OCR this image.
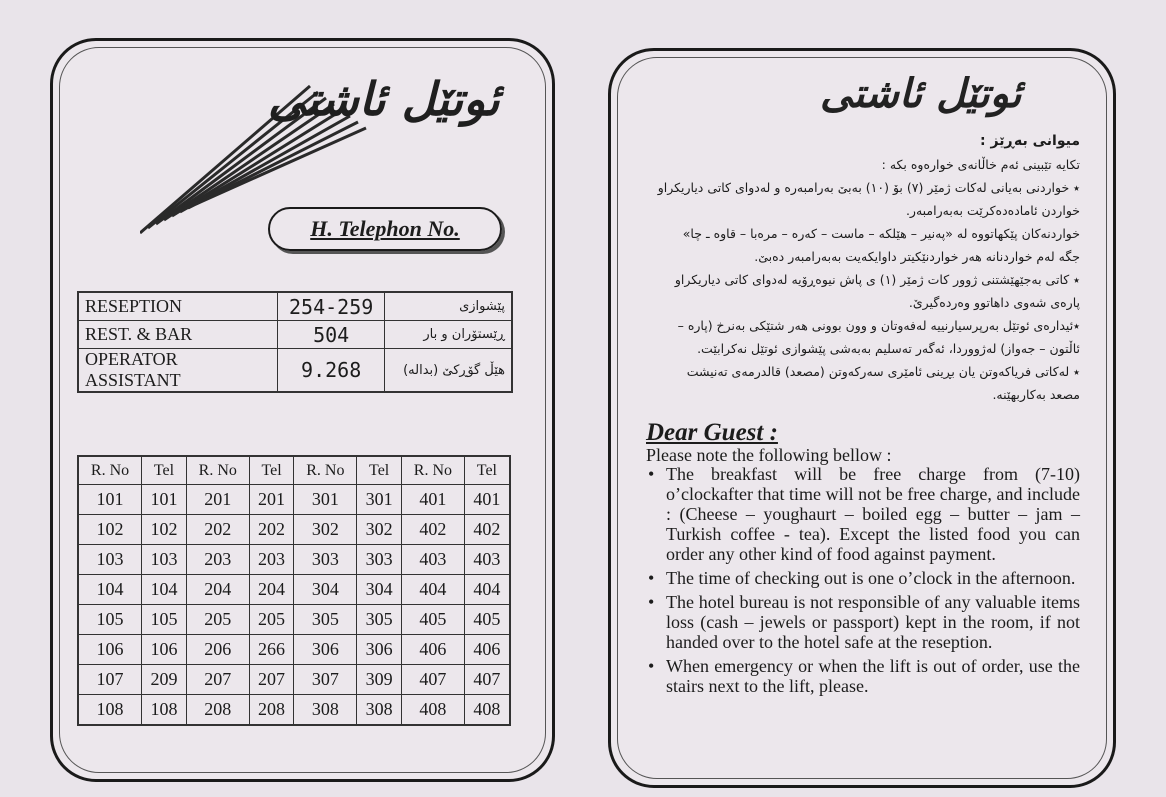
ئوتێل ئاشتی
H. Telephon No.
RESEPTION	254-259	پێشوازی
REST. & BAR	504	ڕێستۆران و بار
OPERATOR ASSISTANT	9.268	هێڵ گۆڕکێ (بداله)
R. No	Tel	R. No	Tel	R. No	Tel	R. No	Tel
101	101	201	201	301	301	401	401
102	102	202	202	302	302	402	402
103	103	203	203	303	303	403	403
104	104	204	204	304	304	404	404
105	105	205	205	305	305	405	405
106	106	206	266	306	306	406	406
107	209	207	207	307	309	407	407
108	108	208	208	308	308	408	408
ئوتێل ئاشتی
میوانی بەڕێز :
تکایە تێبینی ئەم خاڵانەی خوارەوە بکە :
٭ خواردنی بەیانی لەکات ژمێر (٧) بۆ (١٠) بەبێ بەرامبەرە و لەدوای کاتی دیاریکراو
خواردن ئامادەدەکرێت بەبەرامبەر.
خواردنەکان پێکهاتووە لە «پەنیر – هێلکە – ماست – کەرە – مرەبا – قاوە ـ چا»
جگە لەم خواردنانە هەر خواردنێکیتر داوایکەیت بەبەرامبەر دەبێ.
٭ کاتی بەجێهێشتنی ژوور کات ژمێر (١) ی پاش نیوەڕۆیە لەدوای کاتی دیاریکراو
پارەی شەوی داهاتوو وەردەگیرێ.
٭ئیدارەی ئوتێل بەرپرسیارنییە لەفەوتان و وون بوونی هەر شتێکی بەنرخ (پارە –
ئاڵتون – جەواز) لەژووردا، ئەگەر تەسلیم بەبەشی پێشوازی ئوتێل نەکرابێت.
٭ لەکاتی فریاکەوتن یان بڕینی ئامێری سەرکەوتن (مصعد) قالدرمەی تەنیشت
مصعد بەکاربهێنە.
Dear Guest :
Please note the following bellow :
• The breakfast will be free charge from (7-10) o’clockafter that time will not be free charge, and include : (Cheese – youghaurt – boiled egg – butter – jam – Turkish coffee - tea). Except the listed food you can order any other kind of food against payment.
• The time of checking out is one o’clock in the afternoon.
• The hotel bureau is not responsible of any valuable items loss (cash – jewels or passport) kept in the room, if not handed over to the hotel safe at the reseption.
• When emergency or when the lift is out of order, use the stairs next to the lift, please.
